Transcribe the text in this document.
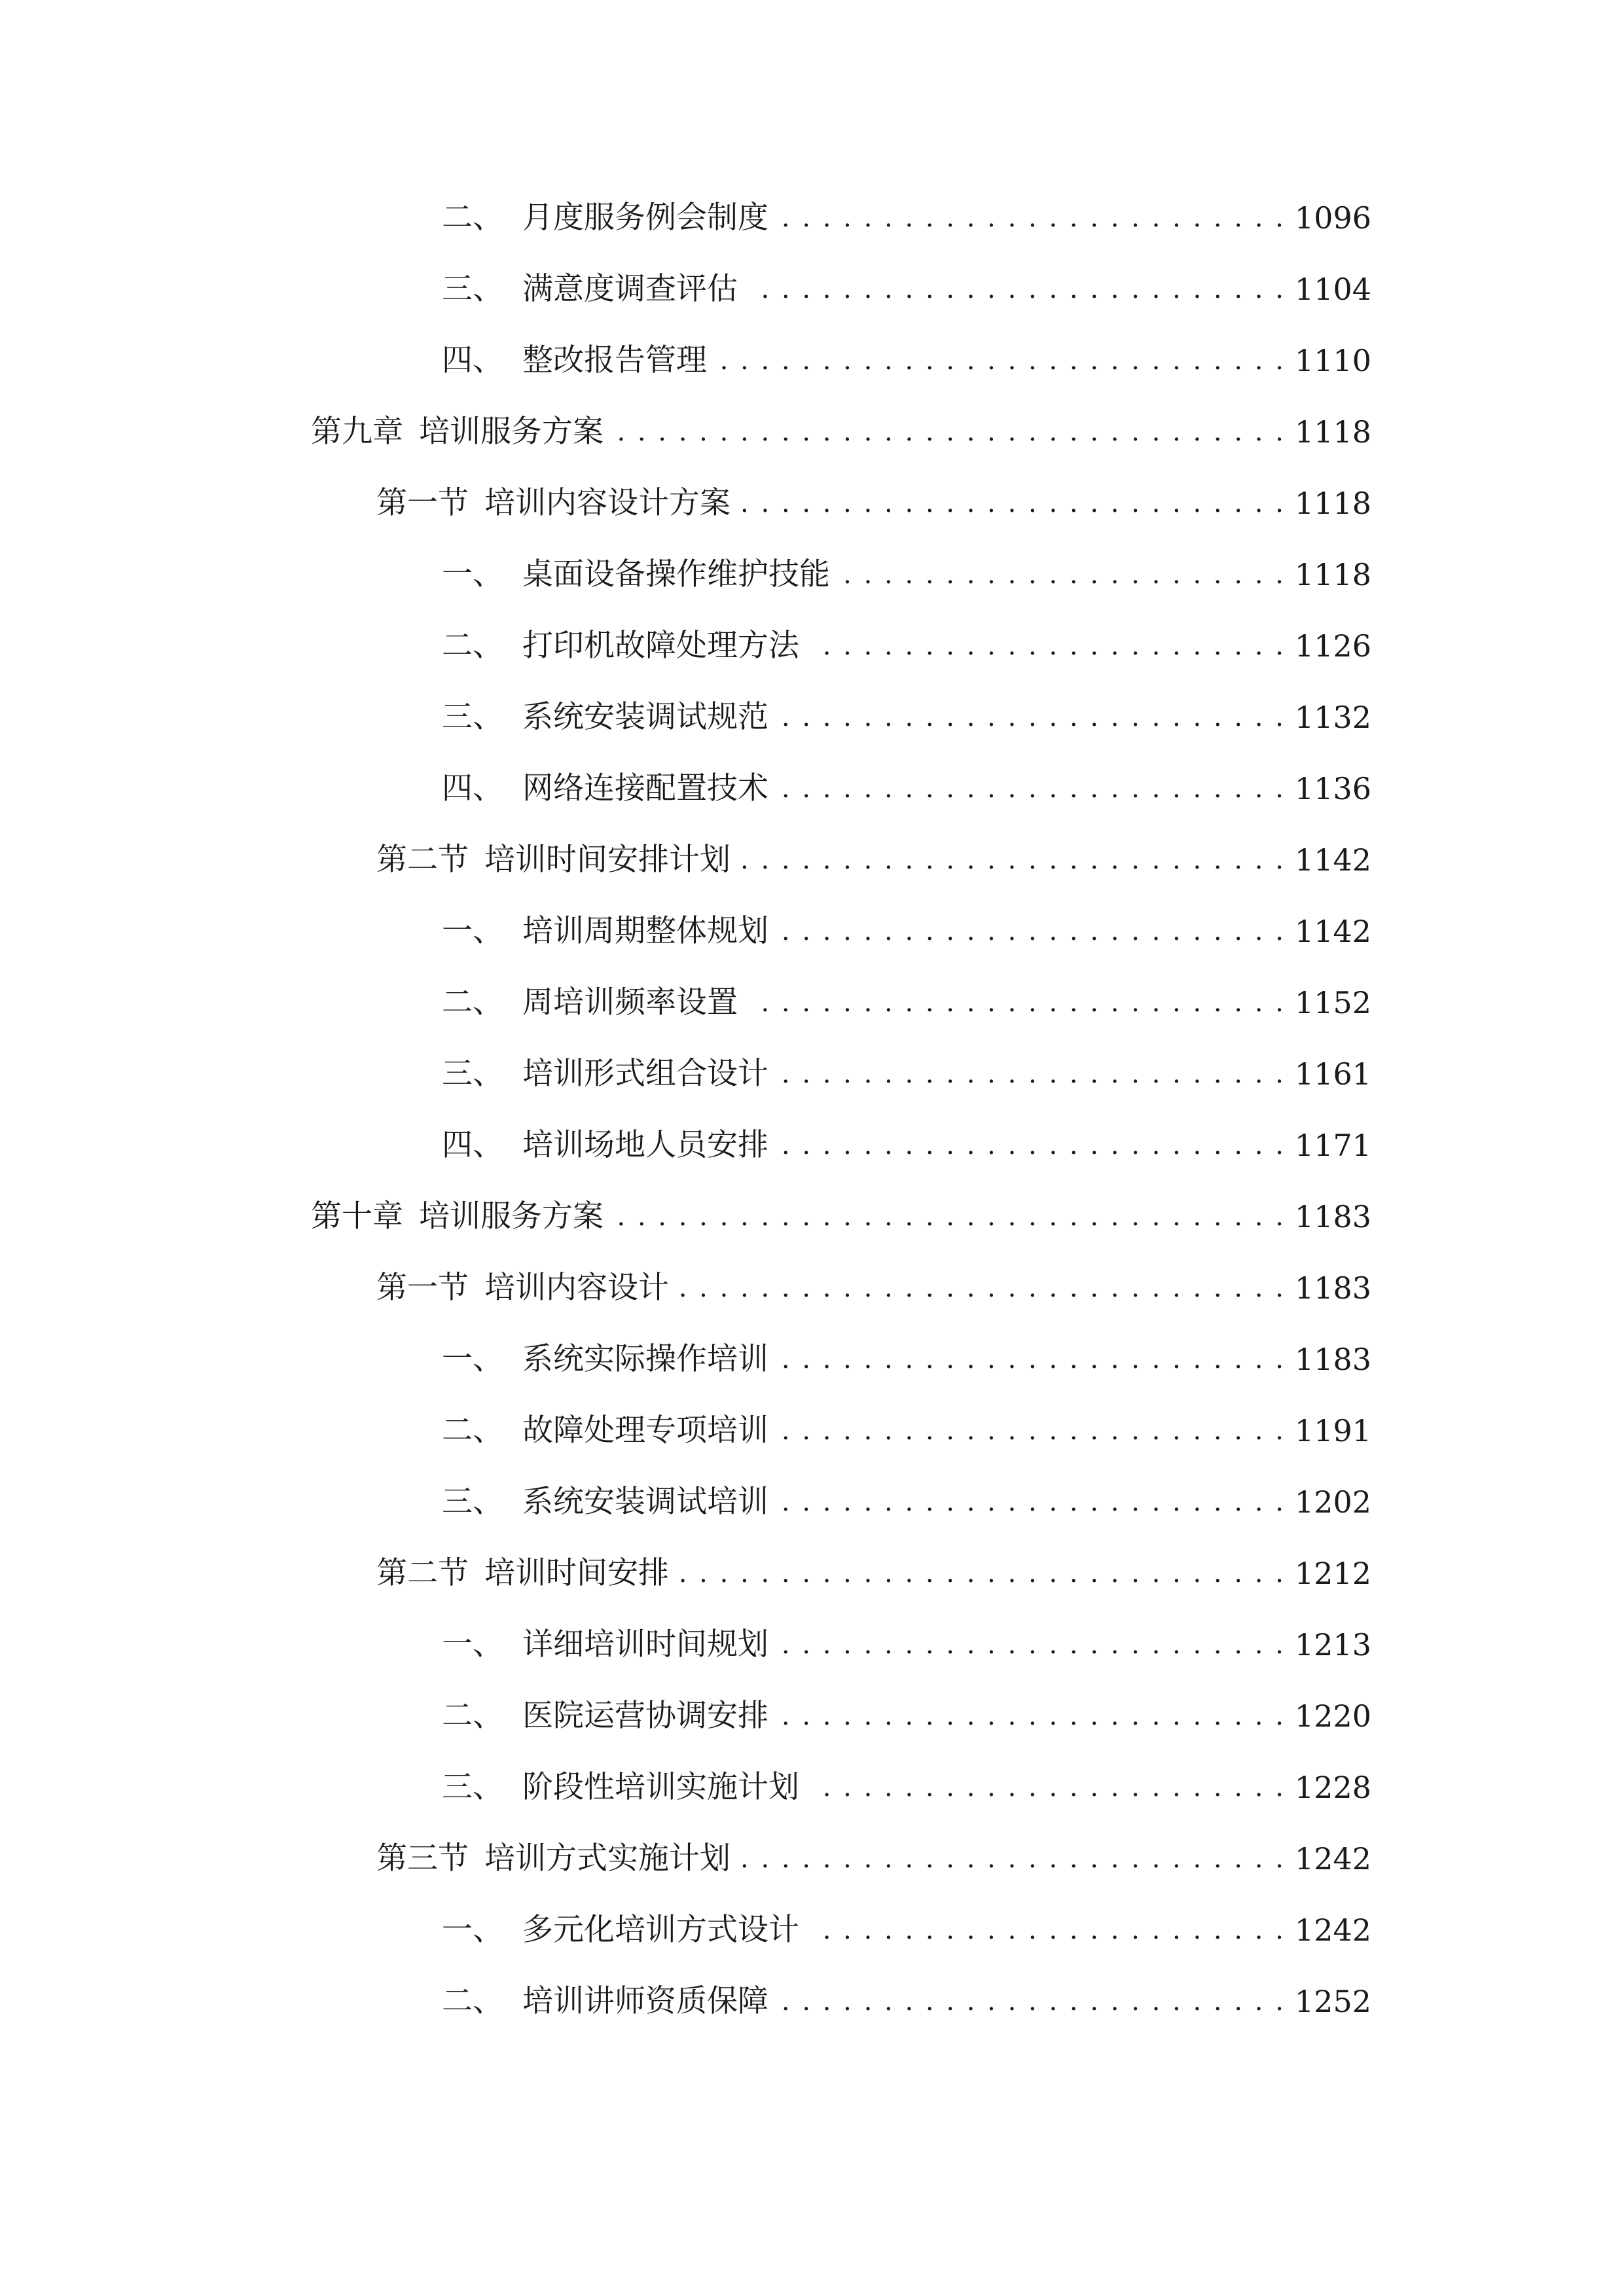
二、 月度服务例会制度 . . .	1096
三、 满意度调查评估 . . .	1104
四、 整改报告管理 . . .	1110
第九章 培训服务方案 . . .	1118
第一节 培训内容设计方案 . . .	1118
一、 桌面设备操作维护技能 . . .	1118
二、 打印机故障处理方法 . . .	1126
三、 系统安装调试规范 . . .	1132
四、 网络连接配置技术 . . .	1136
第二节 培训时间安排计划 . . .	1142
一、 培训周期整体规划 . . .	1142
二、 周培训频率设置 . . .	1152
三、 培训形式组合设计 . . .	1161
四、 培训场地人员安排 . . .	1171
第十章 培训服务方案 . . .	1183
第一节 培训内容设计 . . .	1183
一、 系统实际操作培训 . . .	1183
二、 故障处理专项培训 . . .	1191
三、 系统安装调试培训 . . .	1202
第二节 培训时间安排 . . .	1212
一、 详细培训时间规划 . . .	1213
二、 医院运营协调安排 . . .	1220
三、 阶段性培训实施计划 . . .	1228
第三节 培训方式实施计划 . . .	1242
一、 多元化培训方式设计 . . .	1242
二、 培训讲师资质保障 . . .	1252
